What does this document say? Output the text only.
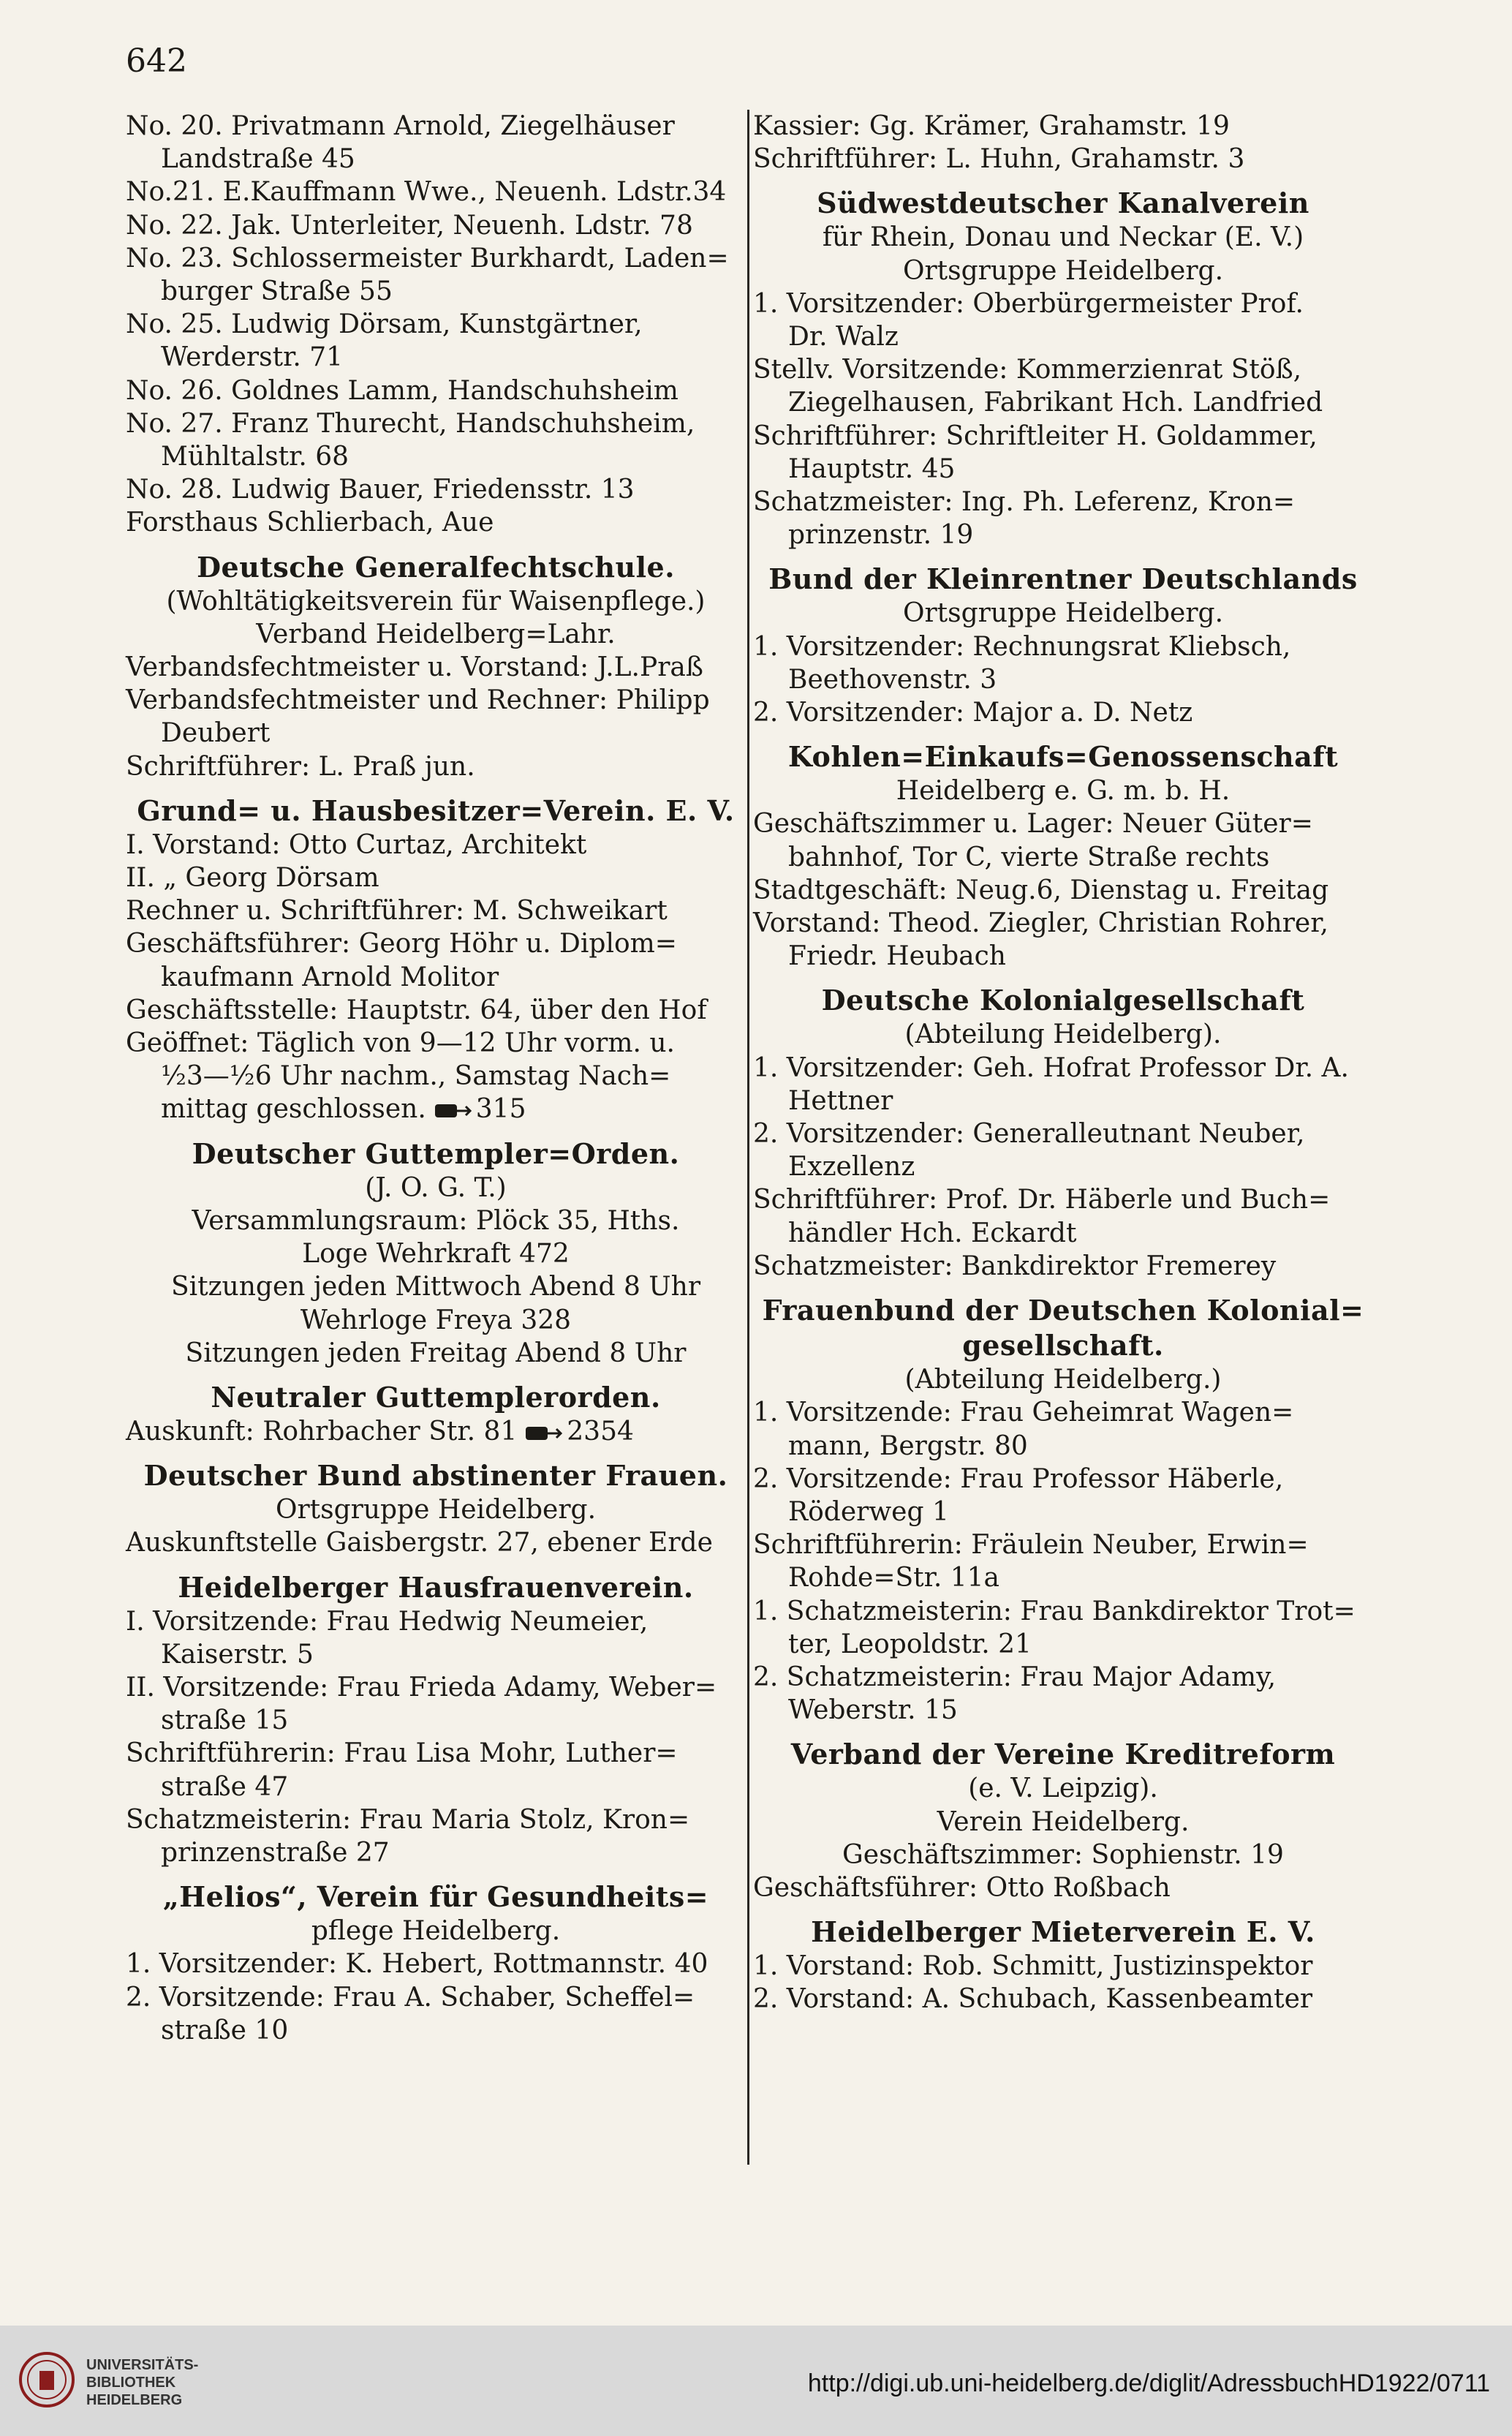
642
No. 20. Privatmann Arnold, Ziegelhäuser
Landstraße 45
No.21. E.Kauffmann Wwe., Neuenh. Ldstr.34
No. 22. Jak. Unterleiter, Neuenh. Ldstr. 78
No. 23. Schlossermeister Burkhardt, Laden=
burger Straße 55
No. 25. Ludwig Dörsam, Kunstgärtner,
Werderstr. 71
No. 26. Goldnes Lamm, Handschuhsheim
No. 27. Franz Thurecht, Handschuhsheim,
Mühltalstr. 68
No. 28. Ludwig Bauer, Friedensstr. 13
Forsthaus Schlierbach, Aue
Deutsche Generalfechtschule.
(Wohltätigkeitsverein für Waisenpflege.)
Verband Heidelberg=Lahr.
Verbandsfechtmeister u. Vorstand: J.L.Praß
Verbandsfechtmeister und Rechner: Philipp
Deubert
Schriftführer: L. Praß jun.
Grund= u. Hausbesitzer=Verein. E. V.
I. Vorstand: Otto Curtaz, Architekt
II. „ Georg Dörsam
Rechner u. Schriftführer: M. Schweikart
Geschäftsführer: Georg Höhr u. Diplom=
kaufmann Arnold Molitor
Geschäftsstelle: Hauptstr. 64, über den Hof
Geöffnet: Täglich von 9—12 Uhr vorm. u.
½3—½6 Uhr nachm., Samstag Nach=
mittag geschlossen. 315
Deutscher Guttempler=Orden.
(J. O. G. T.)
Versammlungsraum: Plöck 35, Hths.
Loge Wehrkraft 472
Sitzungen jeden Mittwoch Abend 8 Uhr
Wehrloge Freya 328
Sitzungen jeden Freitag Abend 8 Uhr
Neutraler Guttemplerorden.
Auskunft: Rohrbacher Str. 81 2354
Deutscher Bund abstinenter Frauen.
Ortsgruppe Heidelberg.
Auskunftstelle Gaisbergstr. 27, ebener Erde
Heidelberger Hausfrauenverein.
I. Vorsitzende: Frau Hedwig Neumeier,
Kaiserstr. 5
II. Vorsitzende: Frau Frieda Adamy, Weber=
straße 15
Schriftführerin: Frau Lisa Mohr, Luther=
straße 47
Schatzmeisterin: Frau Maria Stolz, Kron=
prinzenstraße 27
„Helios“, Verein für Gesundheits=
pflege Heidelberg.
1. Vorsitzender: K. Hebert, Rottmannstr. 40
2. Vorsitzende: Frau A. Schaber, Scheffel=
straße 10
Kassier: Gg. Krämer, Grahamstr. 19
Schriftführer: L. Huhn, Grahamstr. 3
Südwestdeutscher Kanalverein
für Rhein, Donau und Neckar (E. V.)
Ortsgruppe Heidelberg.
1. Vorsitzender: Oberbürgermeister Prof.
Dr. Walz
Stellv. Vorsitzende: Kommerzienrat Stöß,
Ziegelhausen, Fabrikant Hch. Landfried
Schriftführer: Schriftleiter H. Goldammer,
Hauptstr. 45
Schatzmeister: Ing. Ph. Leferenz, Kron=
prinzenstr. 19
Bund der Kleinrentner Deutschlands
Ortsgruppe Heidelberg.
1. Vorsitzender: Rechnungsrat Kliebsch,
Beethovenstr. 3
2. Vorsitzender: Major a. D. Netz
Kohlen=Einkaufs=Genossenschaft
Heidelberg e. G. m. b. H.
Geschäftszimmer u. Lager: Neuer Güter=
bahnhof, Tor C, vierte Straße rechts
Stadtgeschäft: Neug.6, Dienstag u. Freitag
Vorstand: Theod. Ziegler, Christian Rohrer,
Friedr. Heubach
Deutsche Kolonialgesellschaft
(Abteilung Heidelberg).
1. Vorsitzender: Geh. Hofrat Professor Dr. A.
Hettner
2. Vorsitzender: Generalleutnant Neuber,
Exzellenz
Schriftführer: Prof. Dr. Häberle und Buch=
händler Hch. Eckardt
Schatzmeister: Bankdirektor Fremerey
Frauenbund der Deutschen Kolonial=
gesellschaft.
(Abteilung Heidelberg.)
1. Vorsitzende: Frau Geheimrat Wagen=
mann, Bergstr. 80
2. Vorsitzende: Frau Professor Häberle,
Röderweg 1
Schriftführerin: Fräulein Neuber, Erwin=
Rohde=Str. 11a
1. Schatzmeisterin: Frau Bankdirektor Trot=
ter, Leopoldstr. 21
2. Schatzmeisterin: Frau Major Adamy,
Weberstr. 15
Verband der Vereine Kreditreform
(e. V. Leipzig).
Verein Heidelberg.
Geschäftszimmer: Sophienstr. 19
Geschäftsführer: Otto Roßbach
Heidelberger Mieterverein E. V.
1. Vorstand: Rob. Schmitt, Justizinspektor
2. Vorstand: A. Schubach, Kassenbeamter
UNIVERSITÄTS-
BIBLIOTHEK
HEIDELBERG
http://digi.ub.uni-heidelberg.de/diglit/AdressbuchHD1922/0711
